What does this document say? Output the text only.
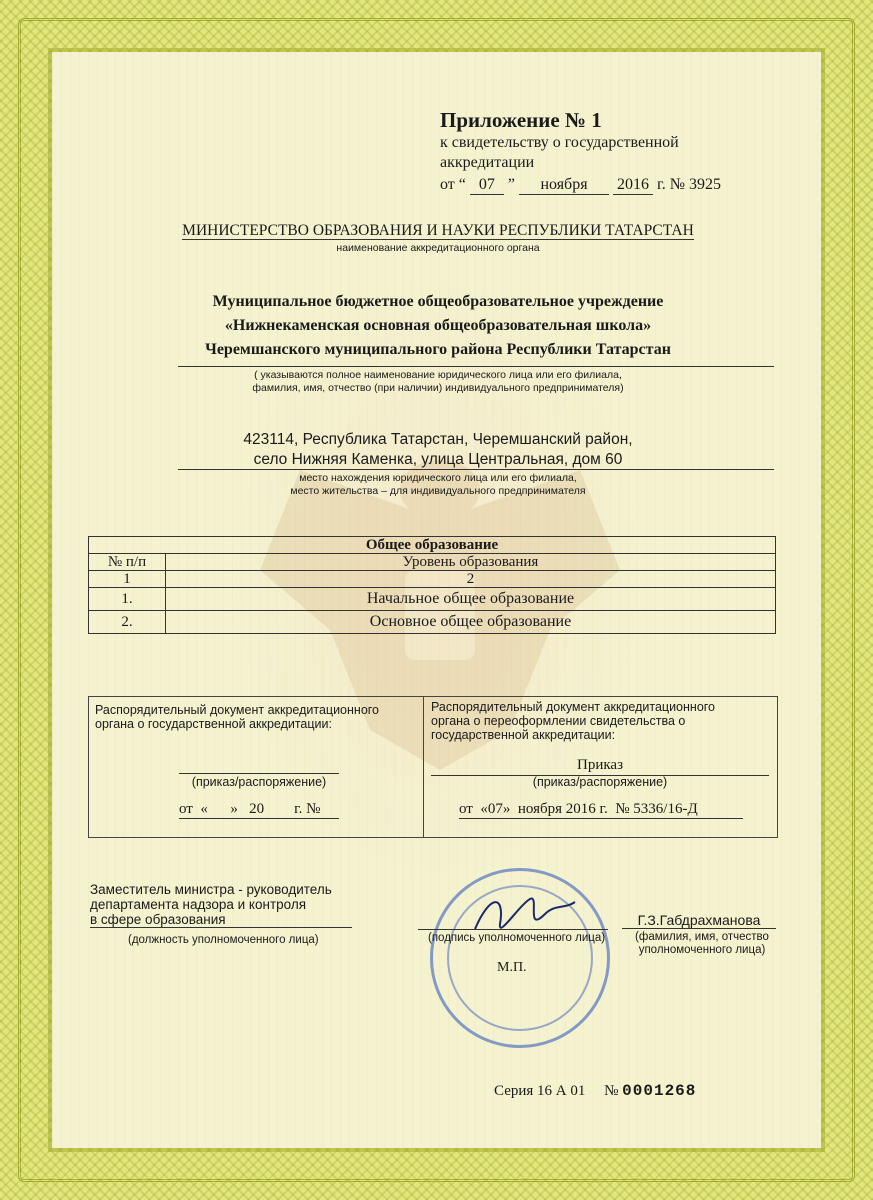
Приложение № 1
к свидетельству о государственной
аккредитации
от “ 07 ” ноября 2016 г. № 3925
МИНИСТЕРСТВО ОБРАЗОВАНИЯ И НАУКИ РЕСПУБЛИКИ ТАТАРСТАН
наименование аккредитационного органа
Муниципальное бюджетное общеобразовательное учреждение
«Нижнекаменская основная общеобразовательная школа»
Черемшанского муниципального района Республики Татарстан
( указываются полное наименование юридического лица или его филиала,
фамилия, имя, отчество (при наличии) индивидуального предпринимателя)
423114, Республика Татарстан, Черемшанский район,
село Нижняя Каменка, улица Центральная, дом 60
место нахождения юридического лица или его филиала,
место жительства – для индивидуального предпринимателя
Общее образование	
№ п/п	Уровень образования
1	2
1.	Начальное общее образование
2.	Основное общее образование
Распорядительный документ аккредитационного
органа о государственной аккредитации:
(приказ/распоряжение)
от  «      »   20        г. №
Распорядительный документ аккредитационного
органа о переоформлении свидетельства о
государственной аккредитации:
Приказ
(приказ/распоряжение)
от  «07»  ноября 2016 г.  № 5336/16-Д
Заместитель министра - руководитель
департамента надзора и контроля
в сфере образования
(должность уполномоченного лица)	(подпись уполномоченного лица)
М.П.
Г.З.Габдрахманова
(фамилия, имя, отчество
уполномоченного лица)
Серия 16 А 01 № 0001268
